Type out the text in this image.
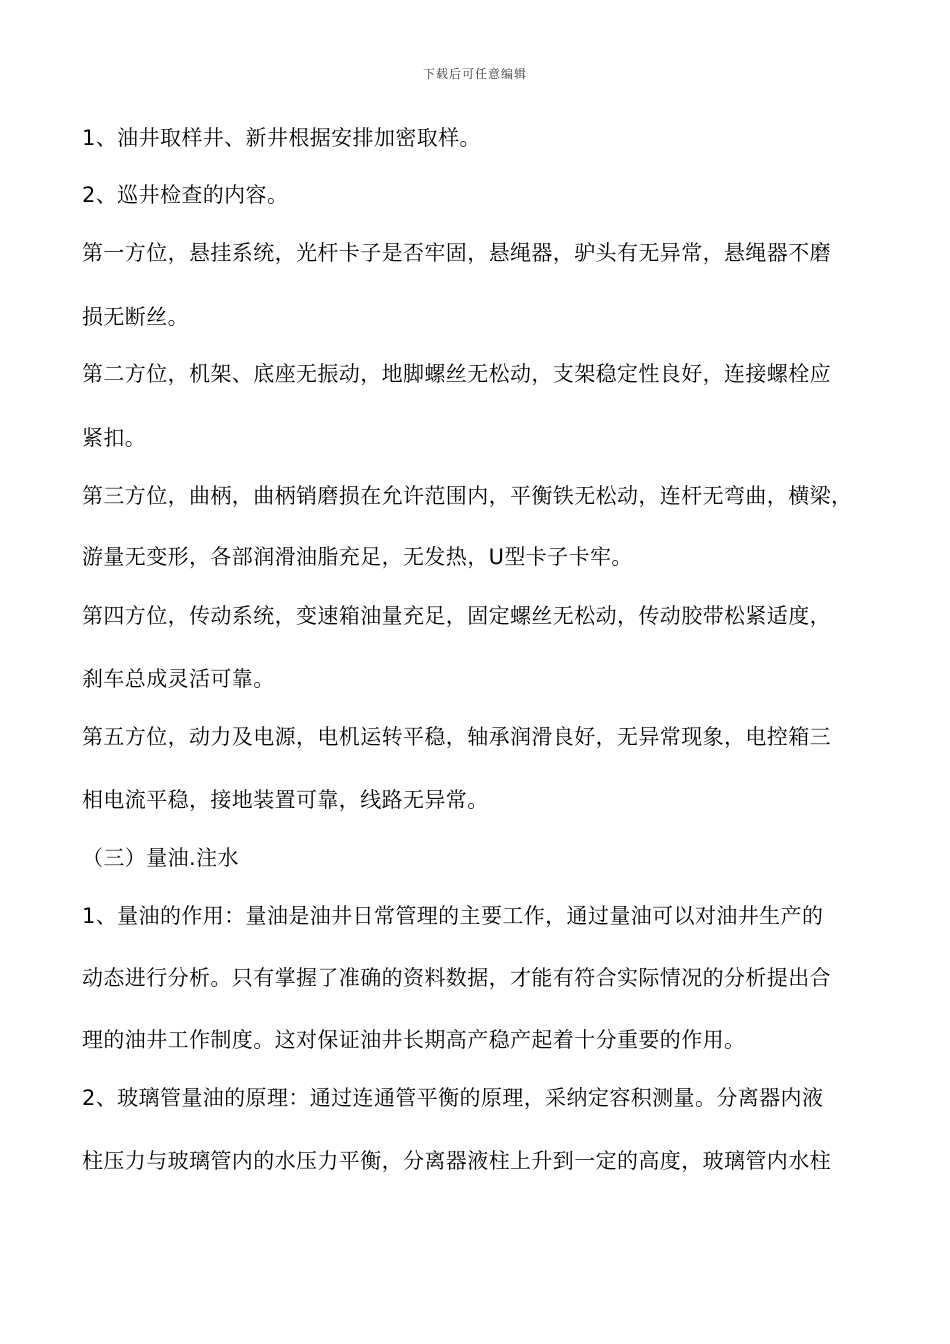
下载后可任意编辑
1、油井取样井、新井根据安排加密取样。
2、巡井检查的内容。
第一方位，悬挂系统，光杆卡子是否牢固，悬绳器，驴头有无异常，悬绳器不磨
损无断丝。
第二方位，机架、底座无振动，地脚螺丝无松动，支架稳定性良好，连接螺栓应
紧扣。
第三方位，曲柄，曲柄销磨损在允许范围内，平衡铁无松动，连杆无弯曲，横梁，
游量无变形，各部润滑油脂充足，无发热，U型卡子卡牢。
第四方位，传动系统，变速箱油量充足，固定螺丝无松动，传动胶带松紧适度，
刹车总成灵活可靠。
第五方位，动力及电源，电机运转平稳，轴承润滑良好，无异常现象，电控箱三
相电流平稳，接地装置可靠，线路无异常。
（三）量油.注水
1、量油的作用：量油是油井日常管理的主要工作，通过量油可以对油井生产的
动态进行分析。只有掌握了准确的资料数据，才能有符合实际情况的分析提出合
理的油井工作制度。这对保证油井长期高产稳产起着十分重要的作用。
2、玻璃管量油的原理：通过连通管平衡的原理，采纳定容积测量。分离器内液
柱压力与玻璃管内的水压力平衡，分离器液柱上升到一定的高度，玻璃管内水柱
